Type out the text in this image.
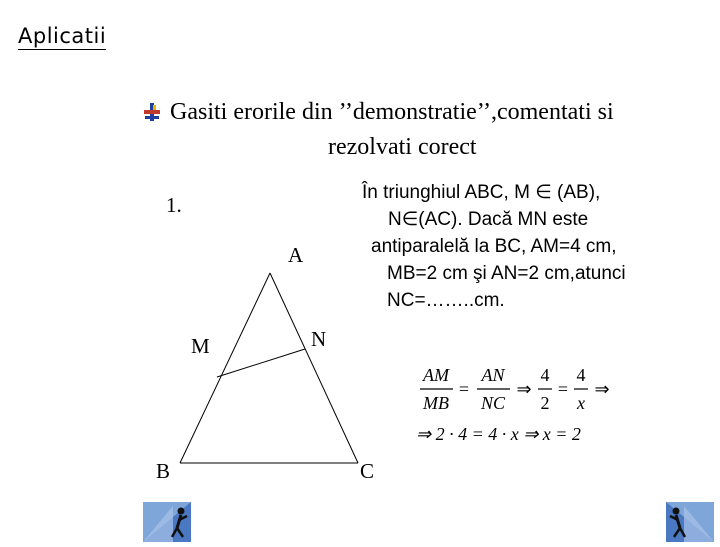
Aplicatii
Gasiti erorile din ’’demonstratie’’,comentati si
rezolvati corect
1.
În triunghiul ABC, M ∈ (AB),
N∈(AC). Dacă MN este
antiparalelă la BC, AM=4 cm,
MB=2 cm şi AN=2 cm,atunci
NC=……..cm.
A
M	N
B	C
AM
MB
AN
NC	x
=	⇒
4
2
=
4
⇒
⇒ 2 · 4 = 4 · x ⇒ x = 2
